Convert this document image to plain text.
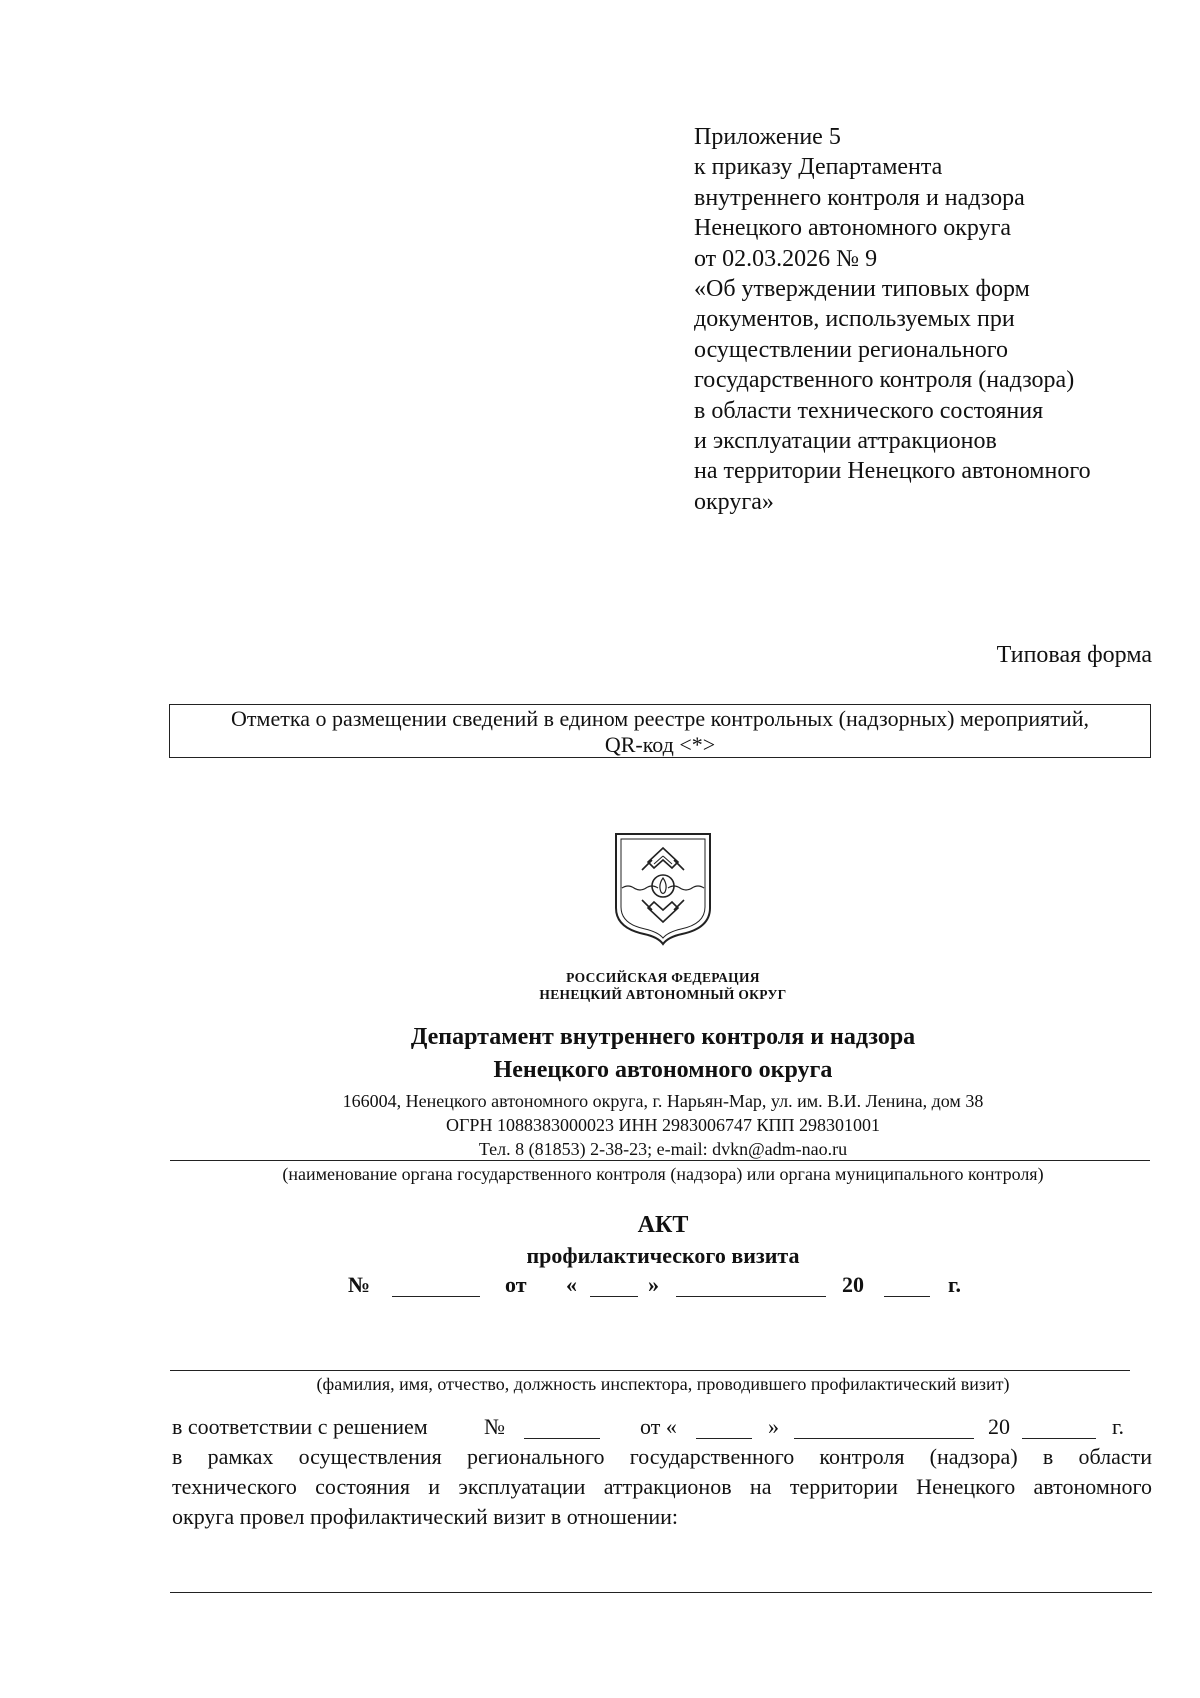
Приложение 5
к приказу Департамента
внутреннего контроля и надзора
Ненецкого автономного округа
от 02.03.2026 № 9
«Об утверждении типовых форм
документов, используемых при
осуществлении регионального
государственного контроля (надзора)
в области технического состояния
и эксплуатации аттракционов
на территории Ненецкого автономного
округа»
Типовая форма
Отметка о размещении сведений в едином реестре контрольных (надзорных) мероприятий,
QR-код <*>
РОССИЙСКАЯ ФЕДЕРАЦИЯ
НЕНЕЦКИЙ АВТОНОМНЫЙ ОКРУГ
Департамент внутреннего контроля и надзора
Ненецкого автономного округа
166004, Ненецкого автономного округа, г. Нарьян-Мар, ул. им. В.И. Ленина, дом 38
ОГРН 1088383000023 ИНН 2983006747 КПП 298301001
Тел. 8 (81853) 2-38-23; e-mail: dvkn@adm-nao.ru
(наименование органа государственного контроля (надзора) или органа муниципального контроля)
АКТ
профилактического визита
№	от «	»	20	г.
(фамилия, имя, отчество, должность инспектора, проводившего профилактический визит)
в соответствии с решением	№	от «	»	20	г.
в рамках осуществления регионального государственного контроля (надзора) в области
технического состояния и эксплуатации аттракционов на территории Ненецкого автономного
округа провел профилактический визит в отношении:
